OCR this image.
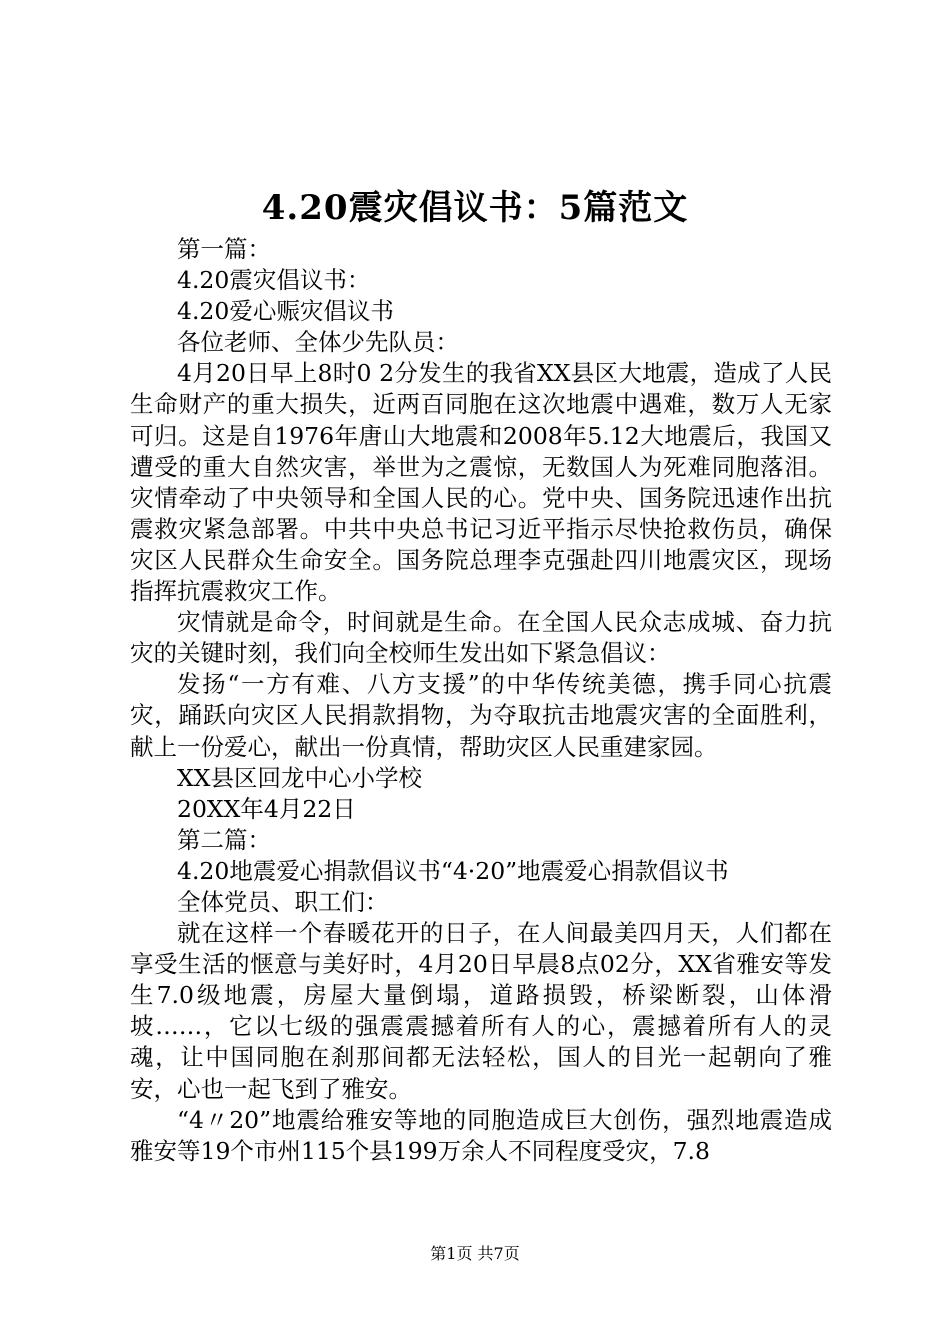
4.20震灾倡议书：5篇范文

第一篇：

4.20震灾倡议书：

4.20爱心赈灾倡议书

各位老师、全体少先队员：

4月20日早上8时0 2分发生的我省XX县区大地震，造成了人民生命财产的重大损失，近两百同胞在这次地震中遇难，数万人无家可归。这是自1976年唐山大地震和2008年5.12大地震后，我国又遭受的重大自然灾害，举世为之震惊，无数国人为死难同胞落泪。灾情牵动了中央领导和全国人民的心。党中央、国务院迅速作出抗震救灾紧急部署。中共中央总书记习近平指示尽快抢救伤员，确保灾区人民群众生命安全。国务院总理李克强赴四川地震灾区，现场指挥抗震救灾工作。

灾情就是命令，时间就是生命。在全国人民众志成城、奋力抗灾的关键时刻，我们向全校师生发出如下紧急倡议：

发扬“一方有难、八方支援”的中华传统美德，携手同心抗震灾，踊跃向灾区人民捐款捐物，为夺取抗击地震灾害的全面胜利，献上一份爱心，献出一份真情，帮助灾区人民重建家园。

XX县区回龙中心小学校

20XX年4月22日

第二篇：

4.20地震爱心捐款倡议书“4·20”地震爱心捐款倡议书

全体党员、职工们：

就在这样一个春暖花开的日子，在人间最美四月天，人们都在享受生活的惬意与美好时，4月20日早晨8点02分，XX省雅安等发生7.0级地震，房屋大量倒塌，道路损毁，桥梁断裂，山体滑坡……，它以七级的强震震撼着所有人的心，震撼着所有人的灵魂，让中国同胞在刹那间都无法轻松，国人的目光一起朝向了雅安，心也一起飞到了雅安。

“4〃20”地震给雅安等地的同胞造成巨大创伤，强烈地震造成雅安等19个市州115个县199万余人不同程度受灾，7.8

第1页 共7页
